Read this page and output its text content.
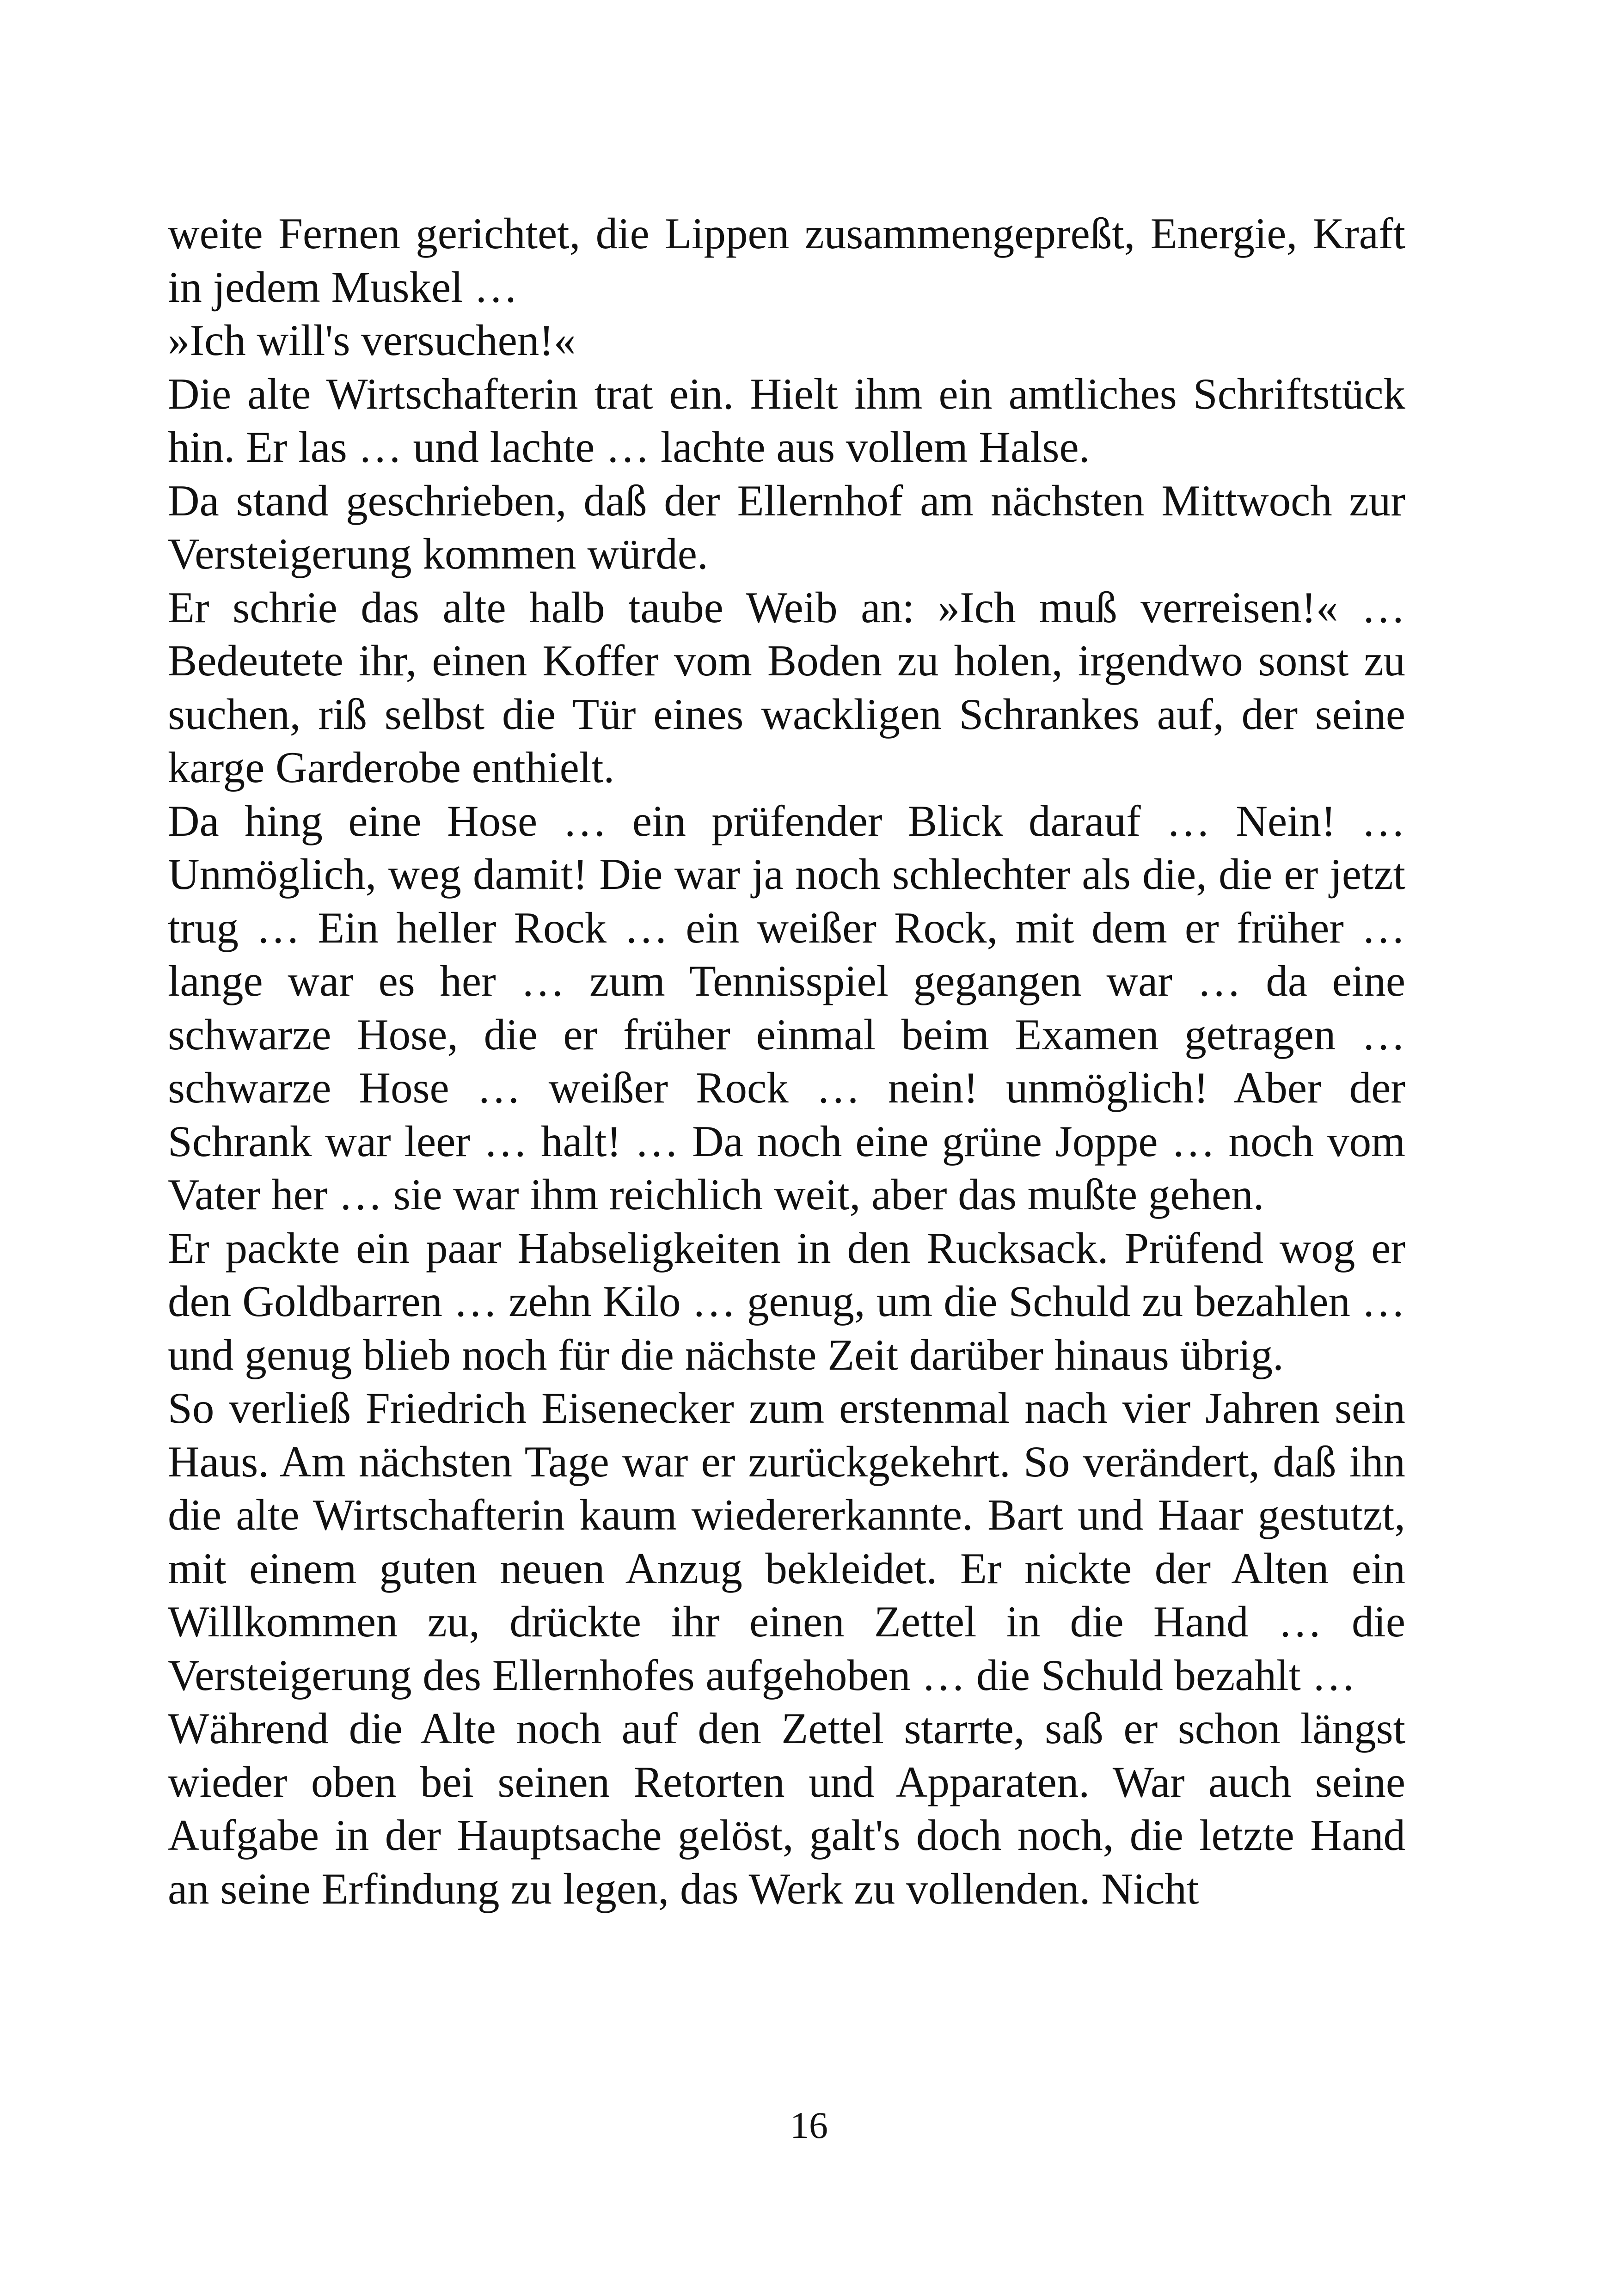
weite Fernen gerichtet, die Lippen zusammengepreßt, Energie, Kraft in jedem Muskel …

»Ich will's versuchen!«

Die alte Wirtschafterin trat ein. Hielt ihm ein amtliches Schriftstück hin. Er las … und lachte … lachte aus vollem Halse.

Da stand geschrieben, daß der Ellernhof am nächsten Mittwoch zur Versteigerung kommen würde.

Er schrie das alte halb taube Weib an: »Ich muß verreisen!« … Bedeutete ihr, einen Koffer vom Boden zu holen, irgendwo sonst zu suchen, riß selbst die Tür eines wackligen Schrankes auf, der seine karge Garderobe enthielt.

Da hing eine Hose … ein prüfender Blick darauf … Nein! … Unmöglich, weg damit! Die war ja noch schlechter als die, die er jetzt trug … Ein heller Rock … ein weißer Rock, mit dem er früher … lange war es her … zum Tennisspiel gegangen war … da eine schwarze Hose, die er früher einmal beim Examen getragen … schwarze Hose … weißer Rock … nein! unmöglich! Aber der Schrank war leer … halt! … Da noch eine grüne Joppe … noch vom Vater her … sie war ihm reichlich weit, aber das mußte gehen.

Er packte ein paar Habseligkeiten in den Rucksack. Prüfend wog er den Goldbarren … zehn Kilo … genug, um die Schuld zu bezahlen … und genug blieb noch für die nächste Zeit darüber hinaus übrig.

So verließ Friedrich Eisenecker zum erstenmal nach vier Jahren sein Haus. Am nächsten Tage war er zurückgekehrt. So verändert, daß ihn die alte Wirtschafterin kaum wiedererkannte. Bart und Haar gestutzt, mit einem guten neuen Anzug bekleidet. Er nickte der Alten ein Willkommen zu, drückte ihr einen Zettel in die Hand … die Versteigerung des Ellernhofes aufgehoben … die Schuld bezahlt …

Während die Alte noch auf den Zettel starrte, saß er schon längst wieder oben bei seinen Retorten und Apparaten. War auch seine Aufgabe in der Hauptsache gelöst, galt's doch noch, die letzte Hand an seine Erfindung zu legen, das Werk zu vollenden. Nicht

16
